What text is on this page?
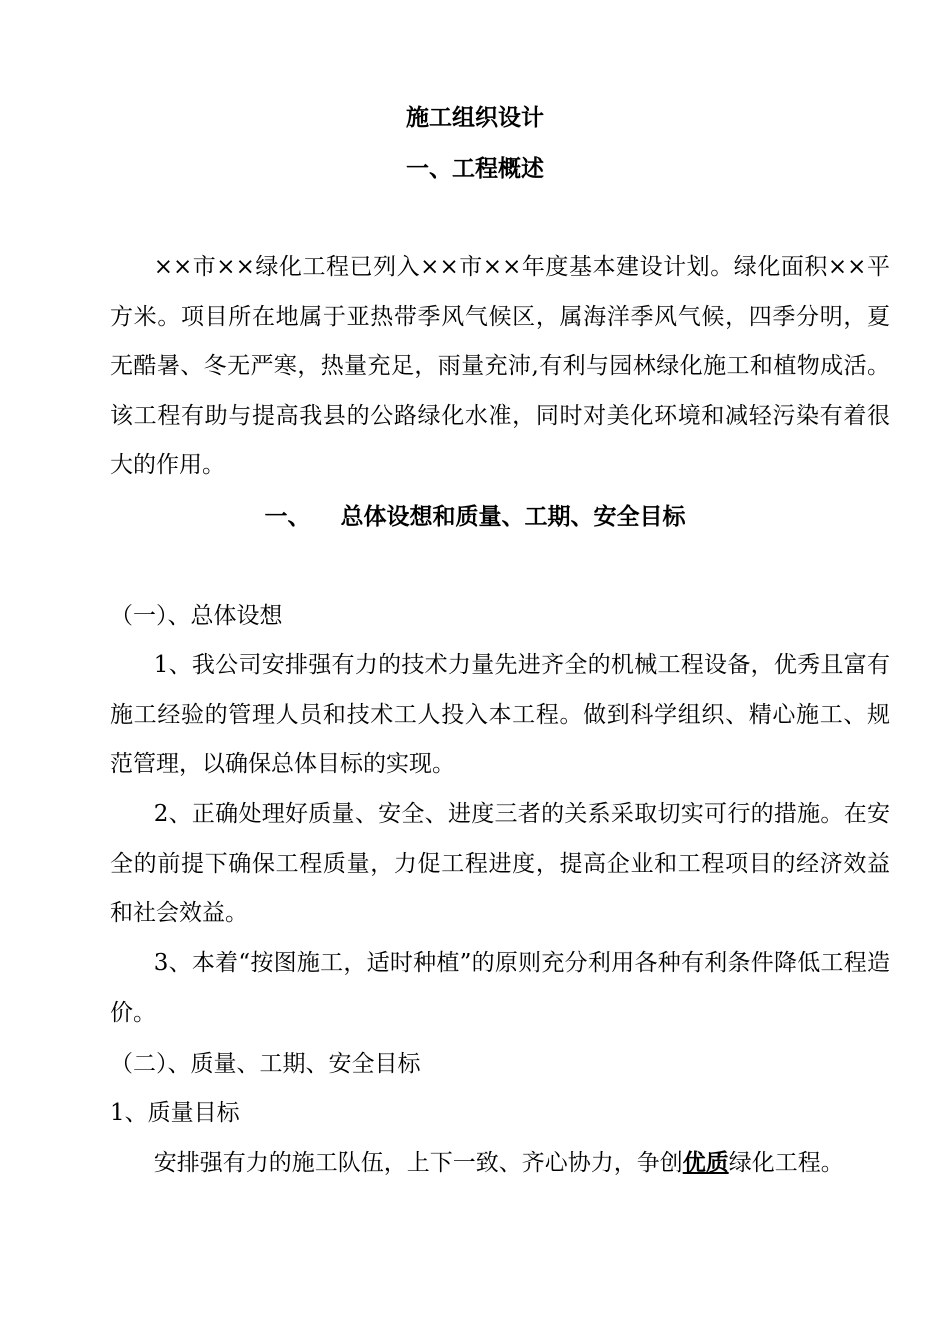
施工组织设计
一、工程概述

××市××绿化工程已列入××市××年度基本建设计划。绿化面积××平方米。项目所在地属于亚热带季风气候区，属海洋季风气候，四季分明，夏无酷暑、冬无严寒，热量充足，雨量充沛,有利与园林绿化施工和植物成活。该工程有助与提高我县的公路绿化水准，同时对美化环境和减轻污染有着很大的作用。

一、 总体设想和质量、工期、安全目标
（一）、总体设想

1、我公司安排强有力的技术力量先进齐全的机械工程设备，优秀且富有施工经验的管理人员和技术工人投入本工程。做到科学组织、精心施工、规范管理，以确保总体目标的实现。

2、正确处理好质量、安全、进度三者的关系采取切实可行的措施。在安全的前提下确保工程质量，力促工程进度，提高企业和工程项目的经济效益和社会效益。

3、本着“按图施工，适时种植”的原则充分利用各种有利条件降低工程造价。

（二）、质量、工期、安全目标
1、质量目标

安排强有力的施工队伍，上下一致、齐心协力，争创优质绿化工程。
